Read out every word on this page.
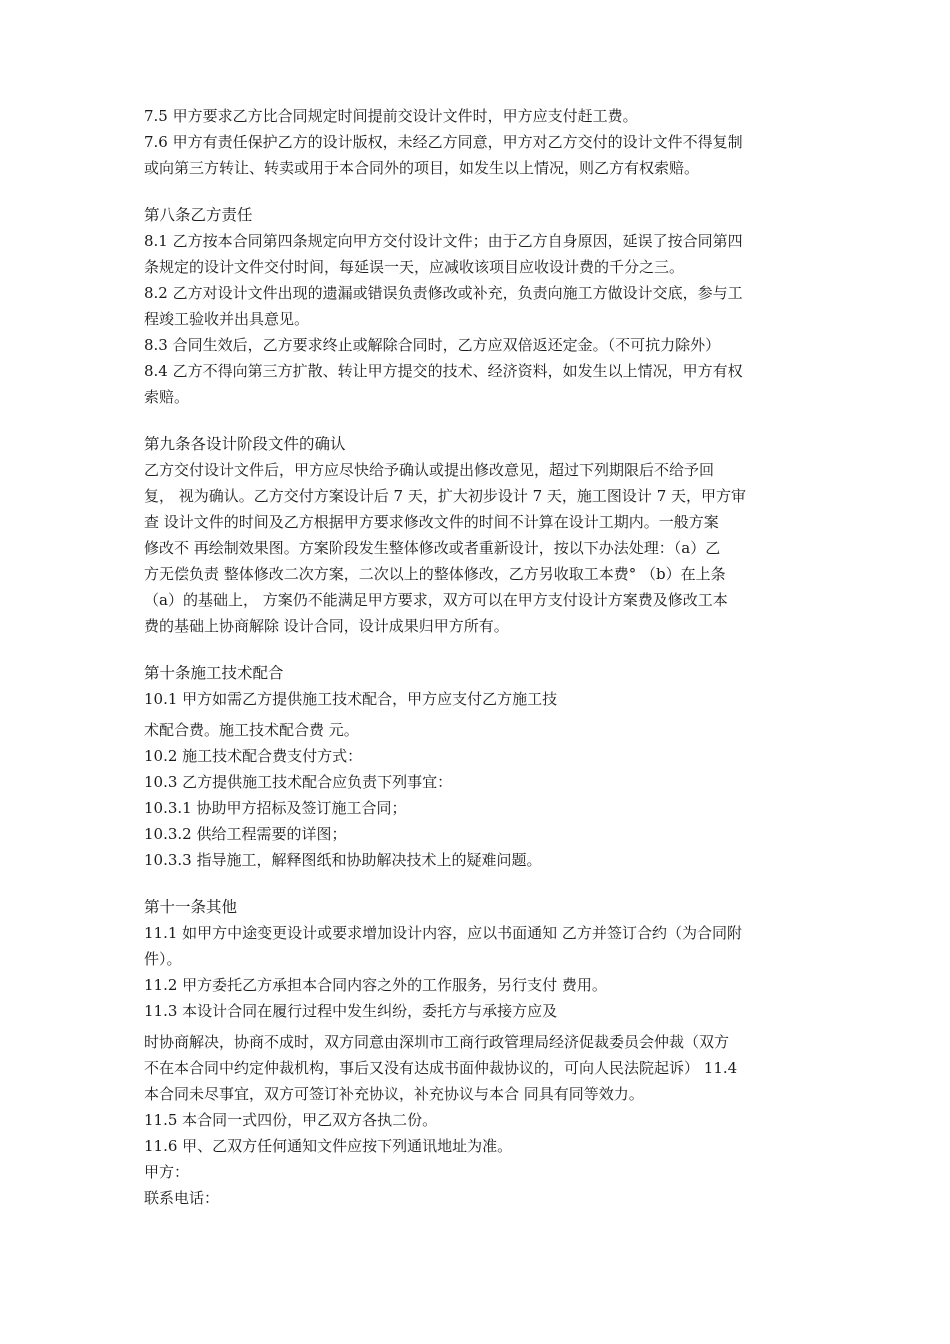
7.5 甲方要求乙方比合同规定时间提前交设计文件时，甲方应支付赶工费。
7.6 甲方有责任保护乙方的设计版权，未经乙方同意，甲方对乙方交付的设计文件不得复制
或向第三方转让、转卖或用于本合同外的项目，如发生以上情况，则乙方有权索赔。
第八条乙方责任
8.1 乙方按本合同第四条规定向甲方交付设计文件；由于乙方自身原因，延误了按合同第四
条规定的设计文件交付时间，每延误一天，应减收该项目应收设计费的千分之三。
8.2 乙方对设计文件出现的遗漏或错误负责修改或补充，负责向施工方做设计交底，参与工
程竣工验收并出具意见。
8.3 合同生效后，乙方要求终止或解除合同时，乙方应双倍返还定金。（不可抗力除外）
8.4 乙方不得向第三方扩散、转让甲方提交的技术、经济资料，如发生以上情况，甲方有权
索赔。
第九条各设计阶段文件的确认
乙方交付设计文件后，甲方应尽快给予确认或提出修改意见，超过下列期限后不给予回
复， 视为确认。乙方交付方案设计后 7 天，扩大初步设计 7 天，施工图设计 7 天，甲方审
查 设计文件的时间及乙方根据甲方要求修改文件的时间不计算在设计工期内。一般方案
修改不 再绘制效果图。方案阶段发生整体修改或者重新设计，按以下办法处理：（a）乙
方无偿负责 整体修改二次方案，二次以上的整体修改，乙方另收取工本费° （b）在上条
（a）的基础上， 方案仍不能满足甲方要求，双方可以在甲方支付设计方案费及修改工本
费的基础上协商解除 设计合同，设计成果归甲方所有。
第十条施工技术配合
10.1 甲方如需乙方提供施工技术配合，甲方应支付乙方施工技
术配合费。施工技术配合费 元。
10.2 施工技术配合费支付方式：
10.3 乙方提供施工技术配合应负责下列事宜：
10.3.1 协助甲方招标及签订施工合同；
10.3.2 供给工程需要的详图；
10.3.3 指导施工，解释图纸和协助解决技术上的疑难问题。
第十一条其他
11.1 如甲方中途变更设计或要求增加设计内容，应以书面通知 乙方并签订合约（为合同附
件）。
11.2 甲方委托乙方承担本合同内容之外的工作服务，另行支付 费用。
11.3 本设计合同在履行过程中发生纠纷，委托方与承接方应及
时协商解决，协商不成时，双方同意由深圳市工商行政管理局经济促裁委员会仲裁（双方
不在本合同中约定仲裁机构，事后又没有达成书面仲裁协议的，可向人民法院起诉） 11.4
本合同未尽事宜，双方可签订补充协议，补充协议与本合 同具有同等效力。
11.5 本合同一式四份，甲乙双方各执二份。
11.6 甲、乙双方任何通知文件应按下列通讯地址为准。
甲方：
联系电话：
